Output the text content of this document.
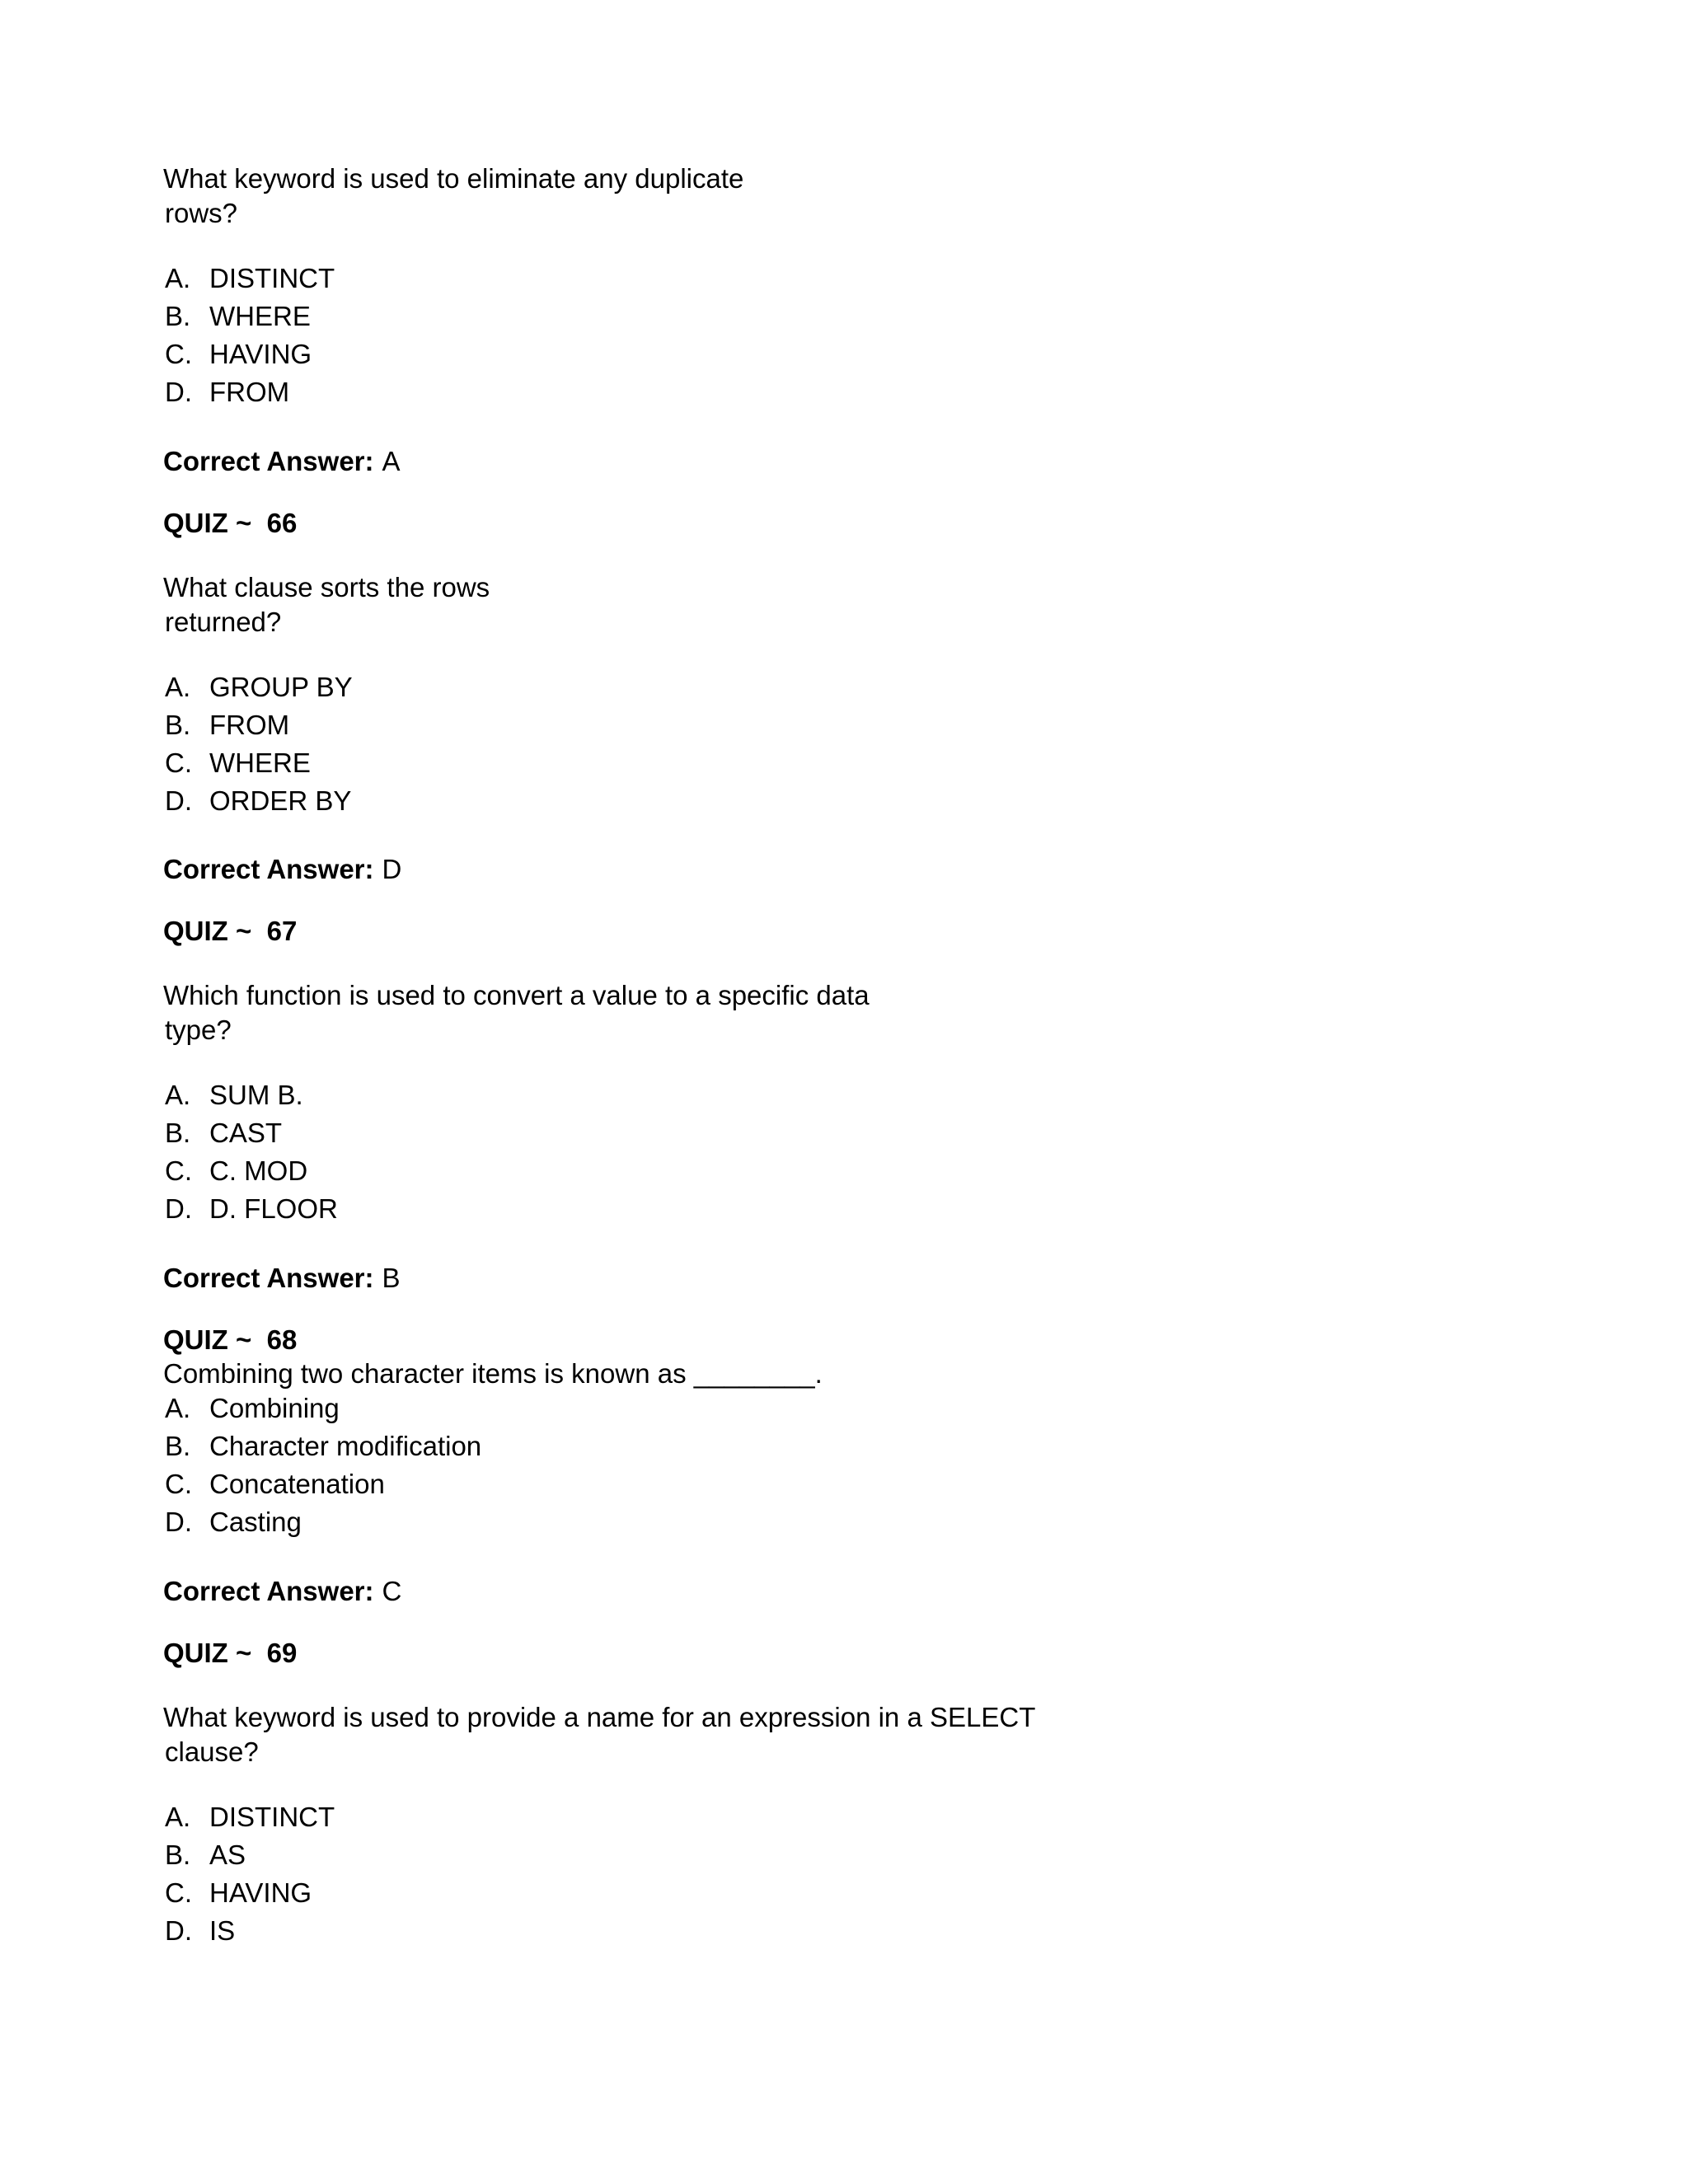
What keyword is used to eliminate any duplicate
rows?
A. DISTINCT
B. WHERE
C. HAVING
D. FROM
Correct Answer: A
QUIZ ~  66
What clause sorts the rows
returned?
A. GROUP BY
B. FROM
C. WHERE
D. ORDER BY
Correct Answer: D
QUIZ ~  67
Which function is used to convert a value to a specific data
type?
A. SUM B.
B. CAST
C. C. MOD
D. D. FLOOR
Correct Answer: B
QUIZ ~  68
Combining two character items is known as ________.
A. Combining
B. Character modification
C. Concatenation
D. Casting
Correct Answer: C
QUIZ ~  69
What keyword is used to provide a name for an expression in a SELECT
clause?
A. DISTINCT
B. AS
C. HAVING
D. IS
